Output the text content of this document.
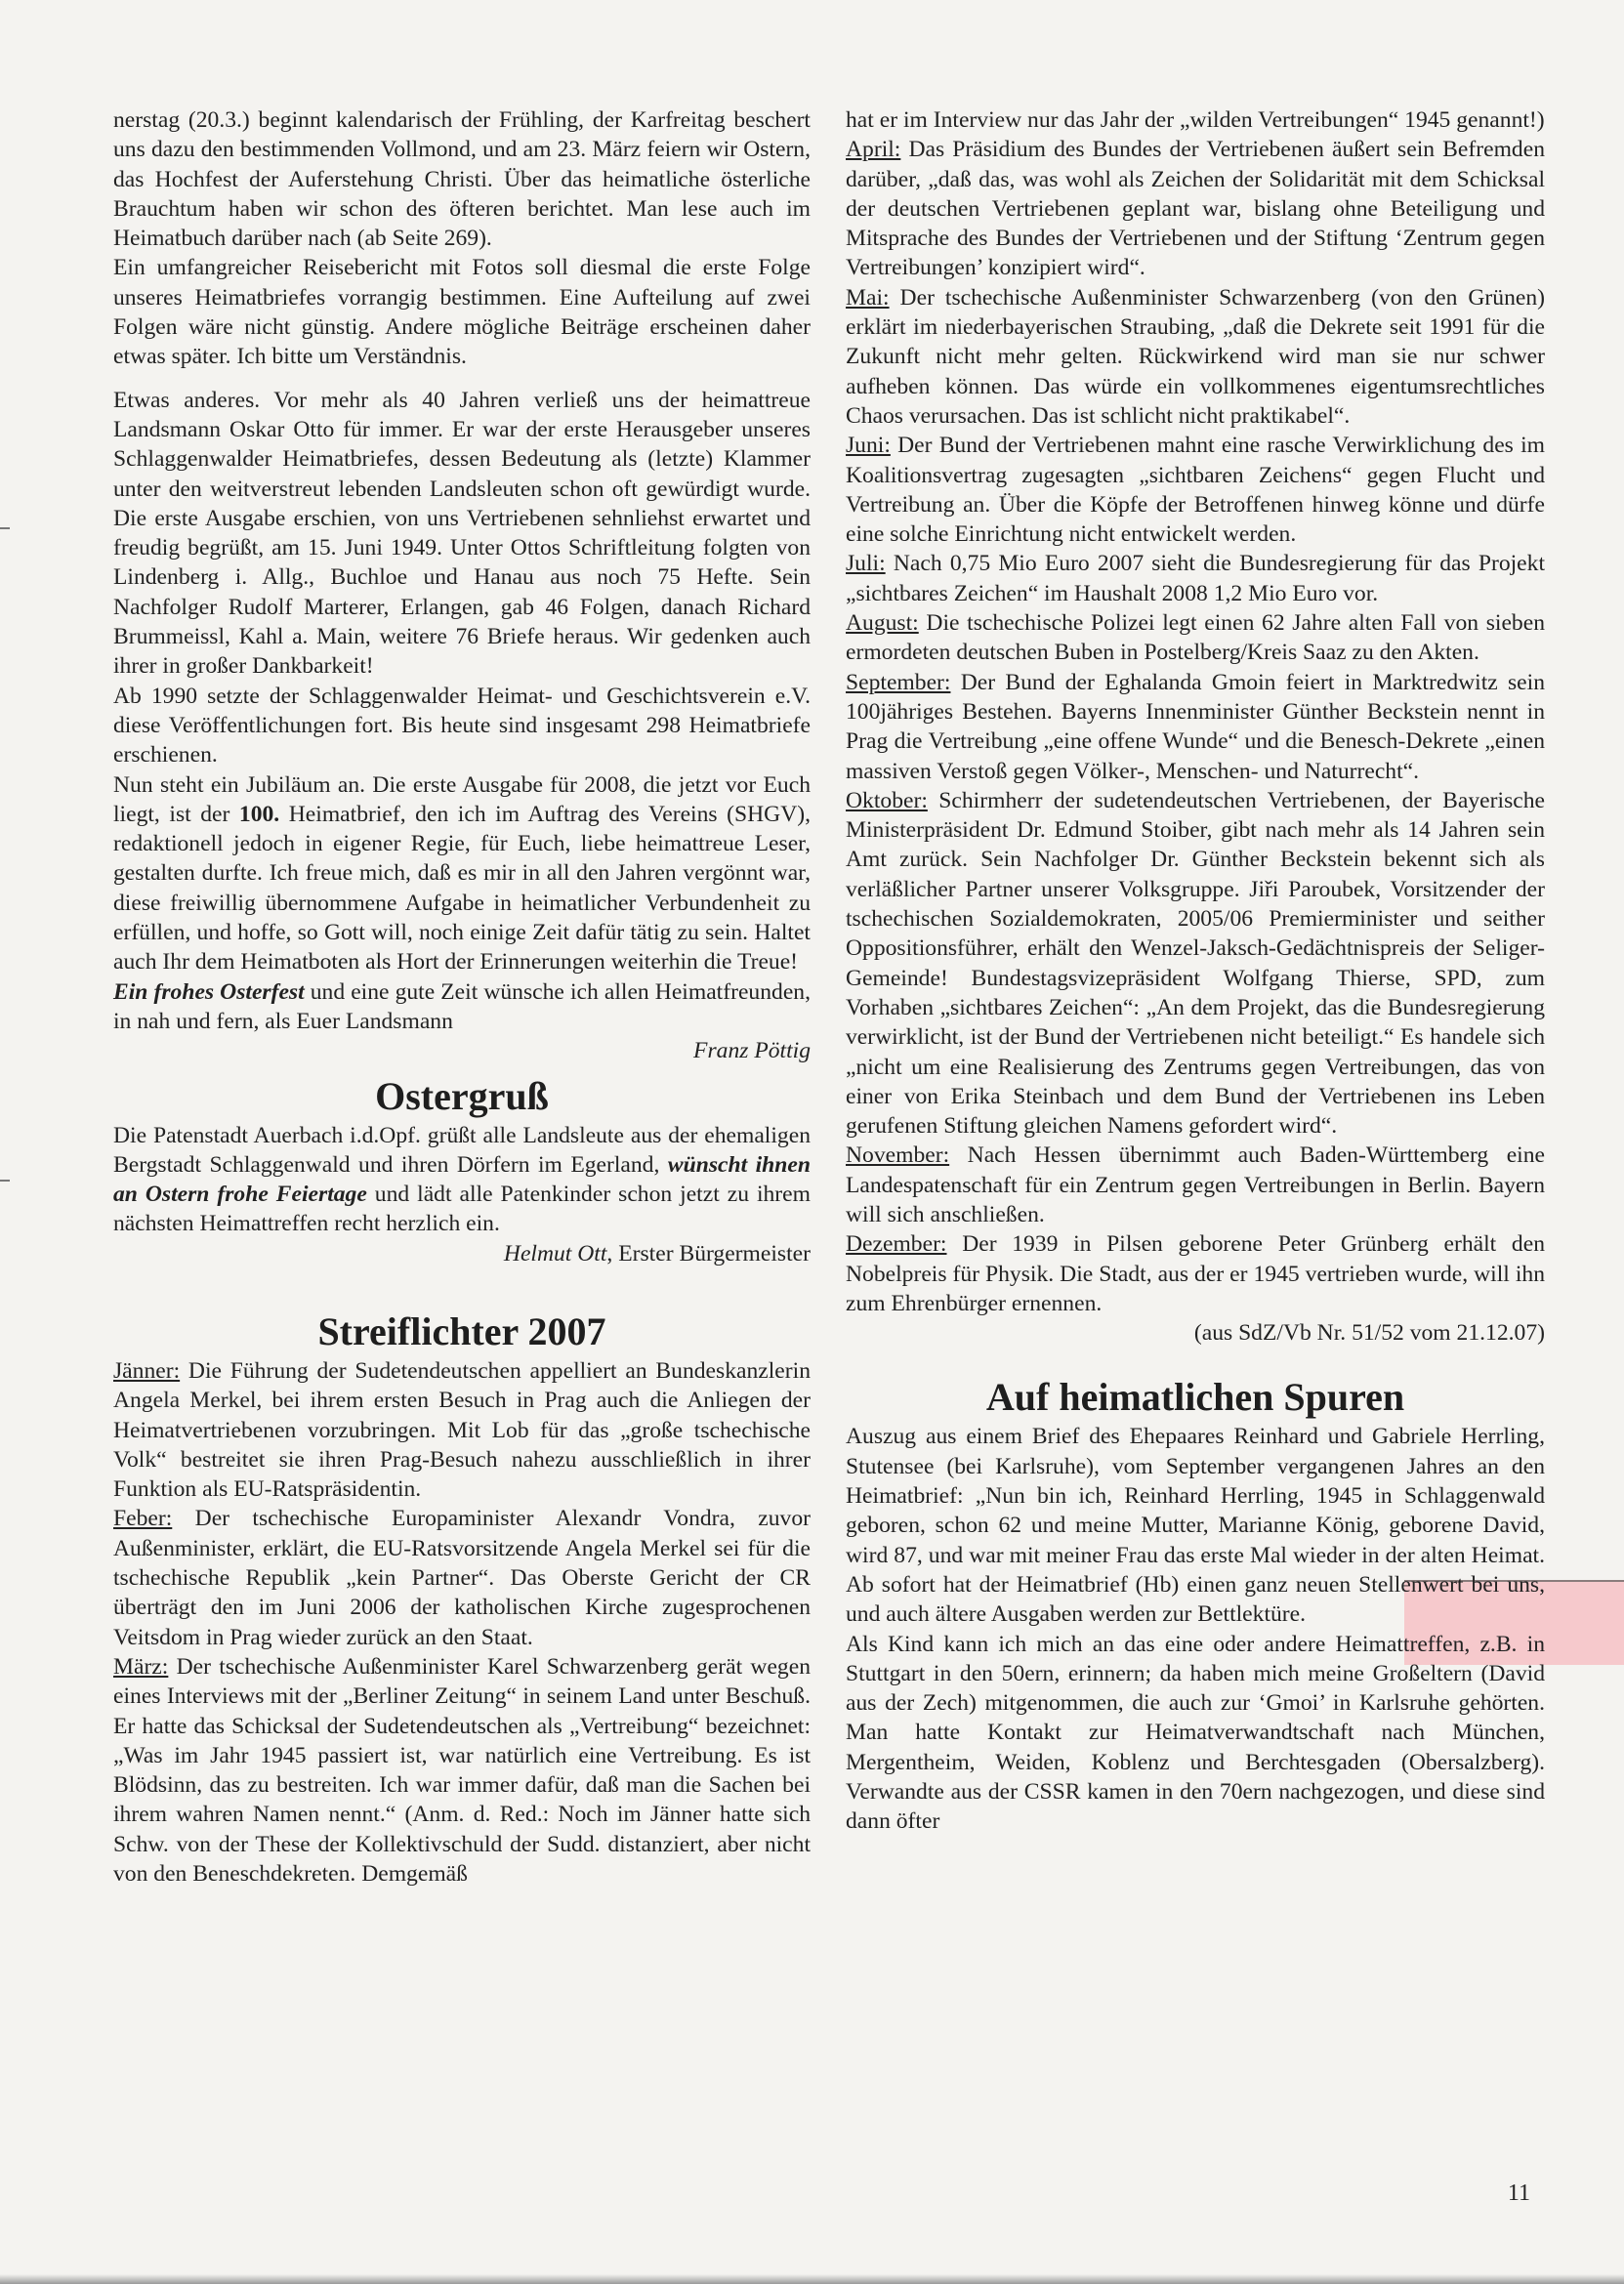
nerstag (20.3.) beginnt kalendarisch der Frühling, der Karfreitag beschert uns dazu den bestimmenden Vollmond, und am 23. März feiern wir Ostern, das Hochfest der Auferstehung Christi. Über das heimatliche österliche Brauchtum haben wir schon des öfteren berichtet. Man lese auch im Heimatbuch darüber nach (ab Seite 269).

Ein umfangreicher Reisebericht mit Fotos soll diesmal die erste Folge unseres Heimatbriefes vorrangig bestimmen. Eine Aufteilung auf zwei Folgen wäre nicht günstig. Andere mögliche Beiträge erscheinen daher etwas später. Ich bitte um Verständnis.

Etwas anderes. Vor mehr als 40 Jahren verließ uns der heimattreue Landsmann Oskar Otto für immer. Er war der erste Herausgeber unseres Schlaggenwalder Heimatbriefes, dessen Bedeutung als (letzte) Klammer unter den weitverstreut lebenden Landsleuten schon oft gewürdigt wurde. Die erste Ausgabe erschien, von uns Vertriebenen sehnliehst erwartet und freudig begrüßt, am 15. Juni 1949. Unter Ottos Schriftleitung folgten von Lindenberg i. Allg., Buchloe und Hanau aus noch 75 Hefte. Sein Nachfolger Rudolf Marterer, Erlangen, gab 46 Folgen, danach Richard Brummeissl, Kahl a. Main, weitere 76 Briefe heraus. Wir gedenken auch ihrer in großer Dankbarkeit!

Ab 1990 setzte der Schlaggenwalder Heimat- und Geschichtsverein e.V. diese Veröffentlichungen fort. Bis heute sind insgesamt 298 Heimatbriefe erschienen.

Nun steht ein Jubiläum an. Die erste Ausgabe für 2008, die jetzt vor Euch liegt, ist der 100. Heimatbrief, den ich im Auftrag des Vereins (SHGV), redaktionell jedoch in eigener Regie, für Euch, liebe heimattreue Leser, gestalten durfte. Ich freue mich, daß es mir in all den Jahren vergönnt war, diese freiwillig übernommene Aufgabe in heimatlicher Verbundenheit zu erfüllen, und hoffe, so Gott will, noch einige Zeit dafür tätig zu sein. Haltet auch Ihr dem Heimatboten als Hort der Erinnerungen weiterhin die Treue!

Ein frohes Osterfest und eine gute Zeit wünsche ich allen Heimatfreunden, in nah und fern, als Euer Landsmann

Franz Pöttig

Ostergruß

Die Patenstadt Auerbach i.d.Opf. grüßt alle Landsleute aus der ehemaligen Bergstadt Schlaggenwald und ihren Dörfern im Egerland, wünscht ihnen an Ostern frohe Feiertage und lädt alle Patenkinder schon jetzt zu ihrem nächsten Heimattreffen recht herzlich ein.

Helmut Ott, Erster Bürgermeister

Streiflichter 2007

Jänner: Die Führung der Sudetendeutschen appelliert an Bundeskanzlerin Angela Merkel, bei ihrem ersten Besuch in Prag auch die Anliegen der Heimatvertriebenen vorzubringen. Mit Lob für das „große tschechische Volk“ bestreitet sie ihren Prag-Besuch nahezu ausschließlich in ihrer Funktion als EU-Ratspräsidentin.

Feber: Der tschechische Europaminister Alexandr Vondra, zuvor Außenminister, erklärt, die EU-Ratsvorsitzende Angela Merkel sei für die tschechische Republik „kein Partner“. Das Oberste Gericht der CR überträgt den im Juni 2006 der katholischen Kirche zugesprochenen Veitsdom in Prag wieder zurück an den Staat.

März: Der tschechische Außenminister Karel Schwarzenberg gerät wegen eines Interviews mit der „Berliner Zeitung“ in seinem Land unter Beschuß. Er hatte das Schicksal der Sudetendeutschen als „Vertreibung“ bezeichnet: „Was im Jahr 1945 passiert ist, war natürlich eine Vertreibung. Es ist Blödsinn, das zu bestreiten. Ich war immer dafür, daß man die Sachen bei ihrem wahren Namen nennt.“ (Anm. d. Red.: Noch im Jänner hatte sich Schw. von der These der Kollektivschuld der Sudd. distanziert, aber nicht von den Beneschdekreten. Demgemäß

hat er im Interview nur das Jahr der „wilden Vertreibungen“ 1945 genannt!)

April: Das Präsidium des Bundes der Vertriebenen äußert sein Befremden darüber, „daß das, was wohl als Zeichen der Solidarität mit dem Schicksal der deutschen Vertriebenen geplant war, bislang ohne Beteiligung und Mitsprache des Bundes der Vertriebenen und der Stiftung ‘Zentrum gegen Vertreibungen’ konzipiert wird“.

Mai: Der tschechische Außenminister Schwarzenberg (von den Grünen) erklärt im niederbayerischen Straubing, „daß die Dekrete seit 1991 für die Zukunft nicht mehr gelten. Rückwirkend wird man sie nur schwer aufheben können. Das würde ein vollkommenes eigentumsrechtliches Chaos verursachen. Das ist schlicht nicht praktikabel“.

Juni: Der Bund der Vertriebenen mahnt eine rasche Verwirklichung des im Koalitionsvertrag zugesagten „sichtbaren Zeichens“ gegen Flucht und Vertreibung an. Über die Köpfe der Betroffenen hinweg könne und dürfe eine solche Einrichtung nicht entwickelt werden.

Juli: Nach 0,75 Mio Euro 2007 sieht die Bundesregierung für das Projekt „sichtbares Zeichen“ im Haushalt 2008 1,2 Mio Euro vor.

August: Die tschechische Polizei legt einen 62 Jahre alten Fall von sieben ermordeten deutschen Buben in Postelberg/Kreis Saaz zu den Akten.

September: Der Bund der Eghalanda Gmoin feiert in Marktredwitz sein 100jähriges Bestehen. Bayerns Innenminister Günther Beckstein nennt in Prag die Vertreibung „eine offene Wunde“ und die Benesch-Dekrete „einen massiven Verstoß gegen Völker-, Menschen- und Naturrecht“.

Oktober: Schirmherr der sudetendeutschen Vertriebenen, der Bayerische Ministerpräsident Dr. Edmund Stoiber, gibt nach mehr als 14 Jahren sein Amt zurück. Sein Nachfolger Dr. Günther Beckstein bekennt sich als verläßlicher Partner unserer Volksgruppe. Jiři Paroubek, Vorsitzender der tschechischen Sozialdemokraten, 2005/06 Premierminister und seither Oppositionsführer, erhält den Wenzel-Jaksch-Gedächtnispreis der Seliger-Gemeinde! Bundestagsvizepräsident Wolfgang Thierse, SPD, zum Vorhaben „sichtbares Zeichen“: „An dem Projekt, das die Bundesregierung verwirklicht, ist der Bund der Vertriebenen nicht beteiligt.“ Es handele sich „nicht um eine Realisierung des Zentrums gegen Vertreibungen, das von einer von Erika Steinbach und dem Bund der Vertriebenen ins Leben gerufenen Stiftung gleichen Namens gefordert wird“.

November: Nach Hessen übernimmt auch Baden-Württemberg eine Landespatenschaft für ein Zentrum gegen Vertreibungen in Berlin. Bayern will sich anschließen.

Dezember: Der 1939 in Pilsen geborene Peter Grünberg erhält den Nobelpreis für Physik. Die Stadt, aus der er 1945 vertrieben wurde, will ihn zum Ehrenbürger ernennen.

(aus SdZ/Vb Nr. 51/52 vom 21.12.07)

Auf heimatlichen Spuren

Auszug aus einem Brief des Ehepaares Reinhard und Gabriele Herrling, Stutensee (bei Karlsruhe), vom September vergangenen Jahres an den Heimatbrief: „Nun bin ich, Reinhard Herrling, 1945 in Schlaggenwald geboren, schon 62 und meine Mutter, Marianne König, geborene David, wird 87, und war mit meiner Frau das erste Mal wieder in der alten Heimat. Ab sofort hat der Heimatbrief (Hb) einen ganz neuen Stellenwert bei uns, und auch ältere Ausgaben werden zur Bettlektüre.

Als Kind kann ich mich an das eine oder andere Heimattreffen, z.B. in Stuttgart in den 50ern, erinnern; da haben mich meine Großeltern (David aus der Zech) mitgenommen, die auch zur ‘Gmoi’ in Karlsruhe gehörten. Man hatte Kontakt zur Heimatverwandtschaft nach München, Mergentheim, Weiden, Koblenz und Berchtesgaden (Obersalzberg). Verwandte aus der CSSR kamen in den 70ern nachgezogen, und diese sind dann öfter

11
